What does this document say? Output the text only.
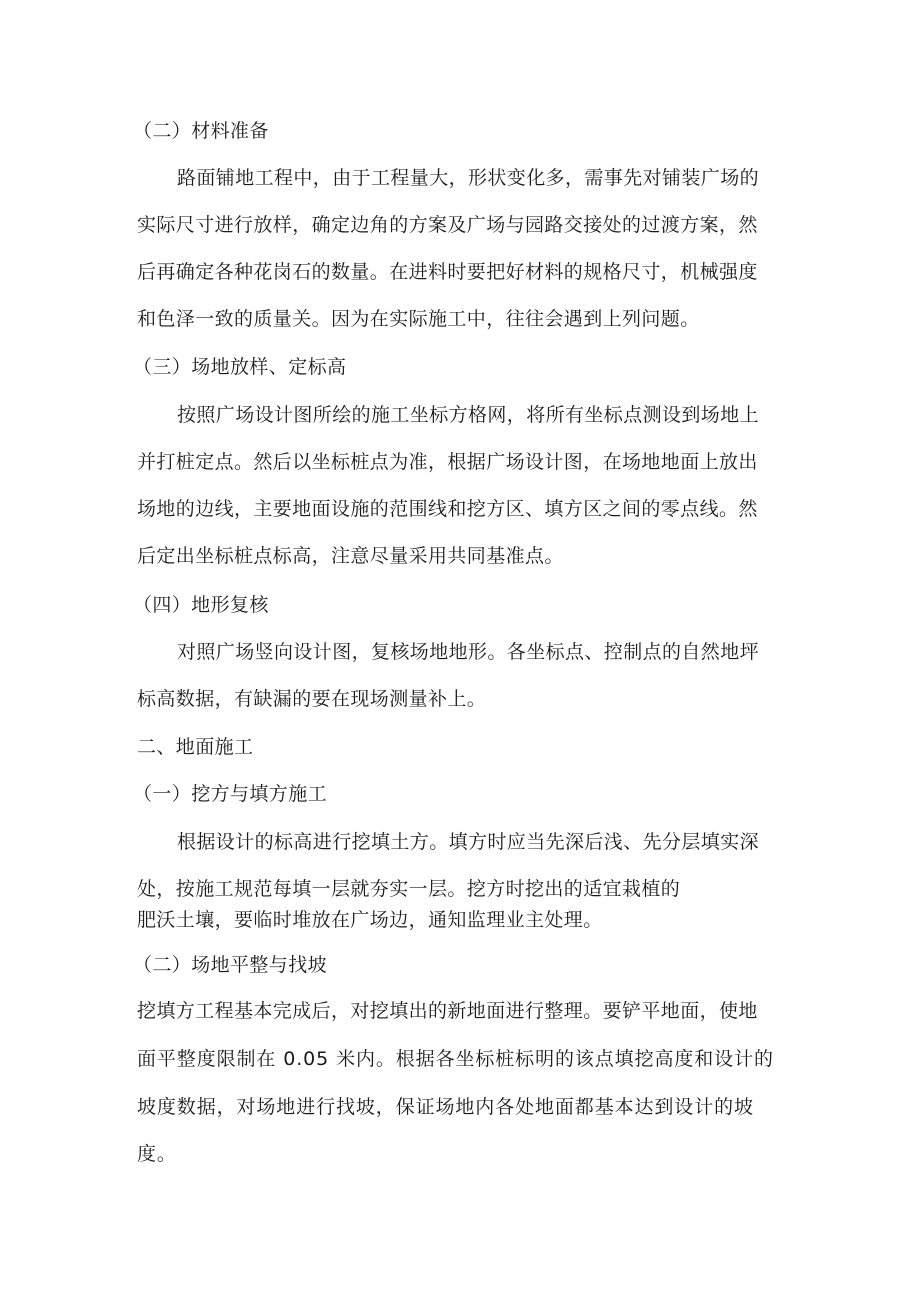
（二）材料准备
路面铺地工程中，由于工程量大，形状变化多，需事先对铺装广场的
实际尺寸进行放样，确定边角的方案及广场与园路交接处的过渡方案，然
后再确定各种花岗石的数量。在进料时要把好材料的规格尺寸，机械强度
和色泽一致的质量关。因为在实际施工中，往往会遇到上列问题。
（三）场地放样、定标高
按照广场设计图所绘的施工坐标方格网，将所有坐标点测设到场地上
并打桩定点。然后以坐标桩点为准，根据广场设计图，在场地地面上放出
场地的边线，主要地面设施的范围线和挖方区、填方区之间的零点线。然
后定出坐标桩点标高，注意尽量采用共同基准点。
（四）地形复核
对照广场竖向设计图，复核场地地形。各坐标点、控制点的自然地坪
标高数据，有缺漏的要在现场测量补上。
二、地面施工
（一）挖方与填方施工
根据设计的标高进行挖填土方。填方时应当先深后浅、先分层填实深
处，按施工规范每填一层就夯实一层。挖方时挖出的适宜栽植的
肥沃土壤，要临时堆放在广场边，通知监理业主处理。
（二）场地平整与找坡
挖填方工程基本完成后，对挖填出的新地面进行整理。要铲平地面，使地
面平整度限制在 0.05 米内。根据各坐标桩标明的该点填挖高度和设计的
坡度数据，对场地进行找坡，保证场地内各处地面都基本达到设计的坡
度。
